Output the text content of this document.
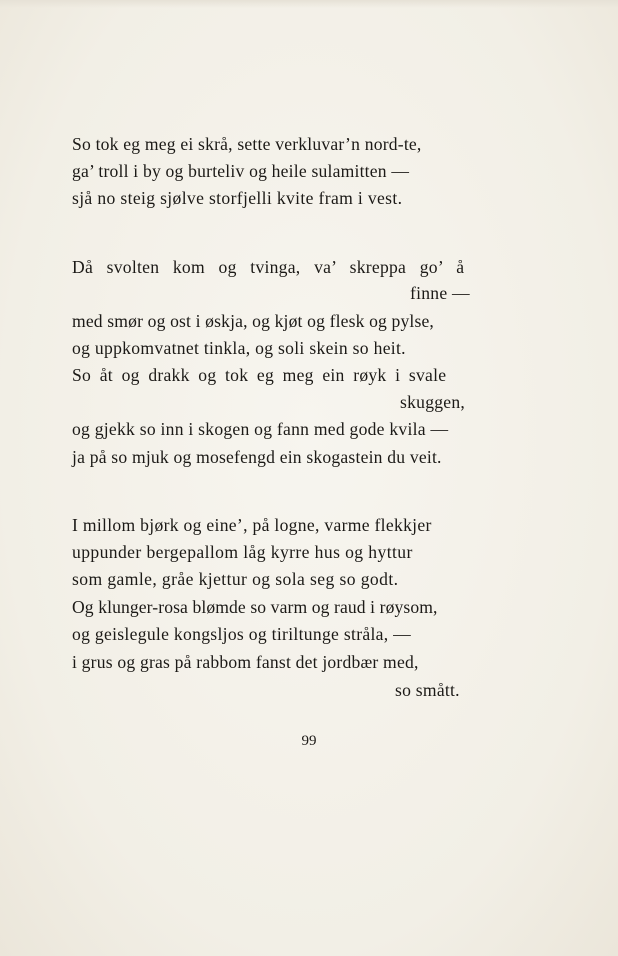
So tok eg meg ei skrå, sette verkluvar’n nord-te,
ga’ troll i by og burteliv og heile sulamitten —
sjå no steig sjølve storfjelli kvite fram i vest.
Då svolten kom og tvinga, va’ skreppa go’ å
finne —
med smør og ost i øskja, og kjøt og flesk og pylse,
og uppkomvatnet tinkla, og soli skein so heit.
So åt og drakk og tok eg meg ein røyk i svale
skuggen,
og gjekk so inn i skogen og fann med gode kvila —
ja på so mjuk og mosefengd ein skogastein du veit.
I millom bjørk og eine’, på logne, varme flekkjer
uppunder bergepallom låg kyrre hus og hyttur
som gamle, gråe kjettur og sola seg so godt.
Og klunger-rosa blømde so varm og raud i røysom,
og geislegule kongsljos og tiriltunge stråla, —
i grus og gras på rabbom fanst det jordbær med,
so smått.
99
